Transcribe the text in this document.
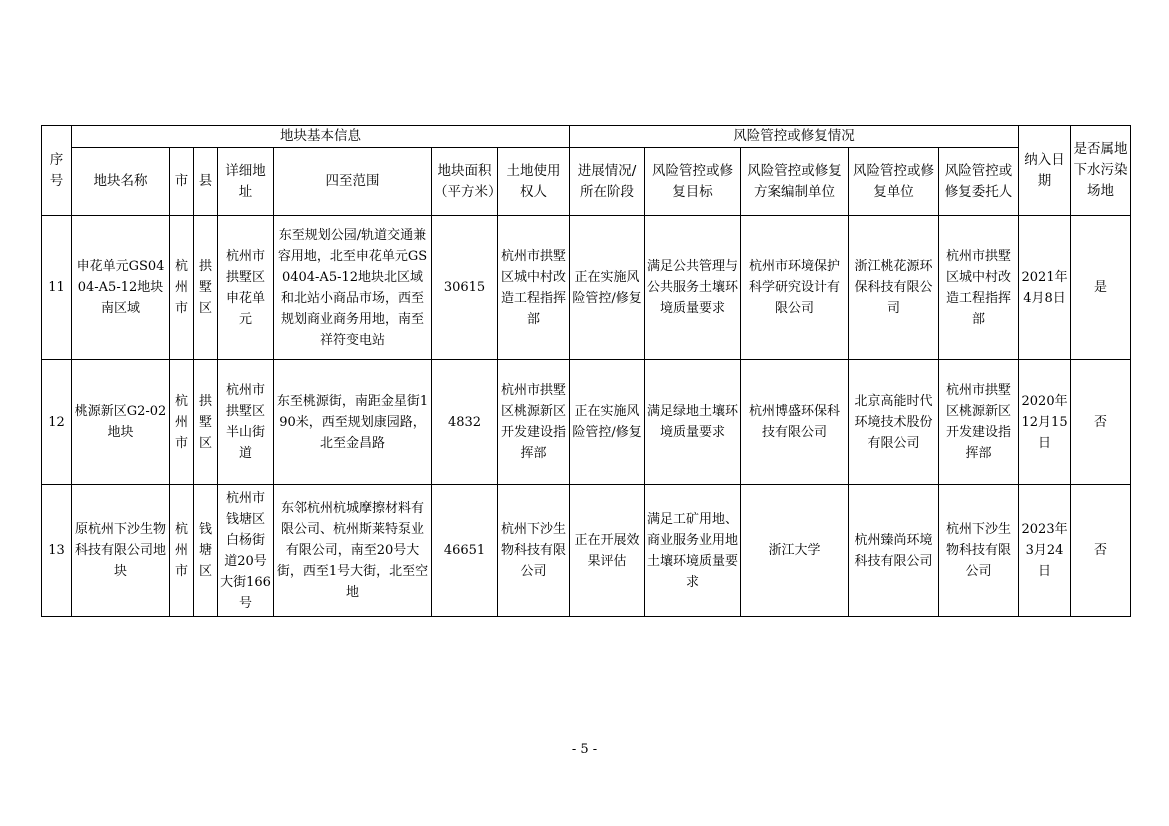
序号	地块基本信息							风险管控或修复情况					纳入日期	是否属地下水污染场地
	地块名称	市	县	详细地址	四至范围	地块面积（平方米）	土地使用权人	进展情况/所在阶段	风险管控或修复目标	风险管控或修复方案编制单位	风险管控或修复单位	风险管控或修复委托人		
11	申花单元GS0404-A5-12地块南区域	杭州市	拱墅区	杭州市拱墅区申花单元	东至规划公园/轨道交通兼容用地，北至申花单元GS0404-A5-12地块北区域和北站小商品市场，西至规划商业商务用地，南至祥符变电站	30615	杭州市拱墅区城中村改造工程指挥部	正在实施风险管控/修复	满足公共管理与公共服务土壤环境质量要求	杭州市环境保护科学研究设计有限公司	浙江桃花源环保科技有限公司	杭州市拱墅区城中村改造工程指挥部	2021年4月8日	是
12	桃源新区G2-02地块	杭州市	拱墅区	杭州市拱墅区半山街道	东至桃源街，南距金星街190米，西至规划康园路，北至金昌路	4832	杭州市拱墅区桃源新区开发建设指挥部	正在实施风险管控/修复	满足绿地土壤环境质量要求	杭州博盛环保科技有限公司	北京高能时代环境技术股份有限公司	杭州市拱墅区桃源新区开发建设指挥部	2020年12月15日	否
13	原杭州下沙生物科技有限公司地块	杭州市	钱塘区	杭州市钱塘区白杨街道20号大街166号	东邻杭州杭城摩擦材料有限公司、杭州斯莱特泵业有限公司，南至20号大街，西至1号大街，北至空地	46651	杭州下沙生物科技有限公司	正在开展效果评估	满足工矿用地、商业服务业用地土壤环境质量要求	浙江大学	杭州臻尚环境科技有限公司	杭州下沙生物科技有限公司	2023年3月24日	否
- 5 -
